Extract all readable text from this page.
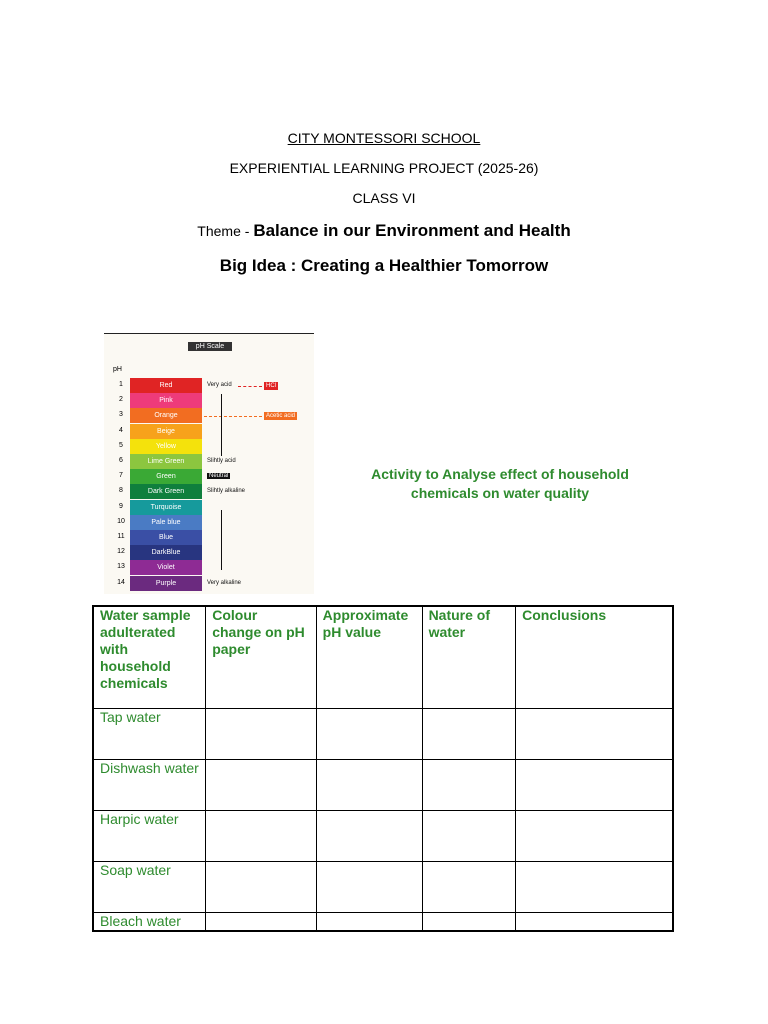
CITY MONTESSORI SCHOOL
EXPERIENTIAL LEARNING PROJECT (2025-26)
CLASS VI
Theme - Balance in our Environment and Health
Big Idea : Creating a Healthier Tomorrow
pH Scale
pH
1	Red	Very acid	HCl
2	Pink
3	Orange	Acetic acid
4	Beige
5	Yellow
6	Lime Green	Slihtly acid
7	Green	Neutral
8	Dark Green	Slihtly alkaline
9	Turquoise
10	Pale blue
11	Blue
12	DarkBlue
13	Violet
14	Purple	Very alkaline
Activity to Analyse effect of household chemicals on water quality
Water sample adulterated with household chemicals	Colour change on pH paper	Approximate pH value	Nature of water	Conclusions
Tap water				
Dishwash water				
Harpic water				
Soap water				
Bleach water				
